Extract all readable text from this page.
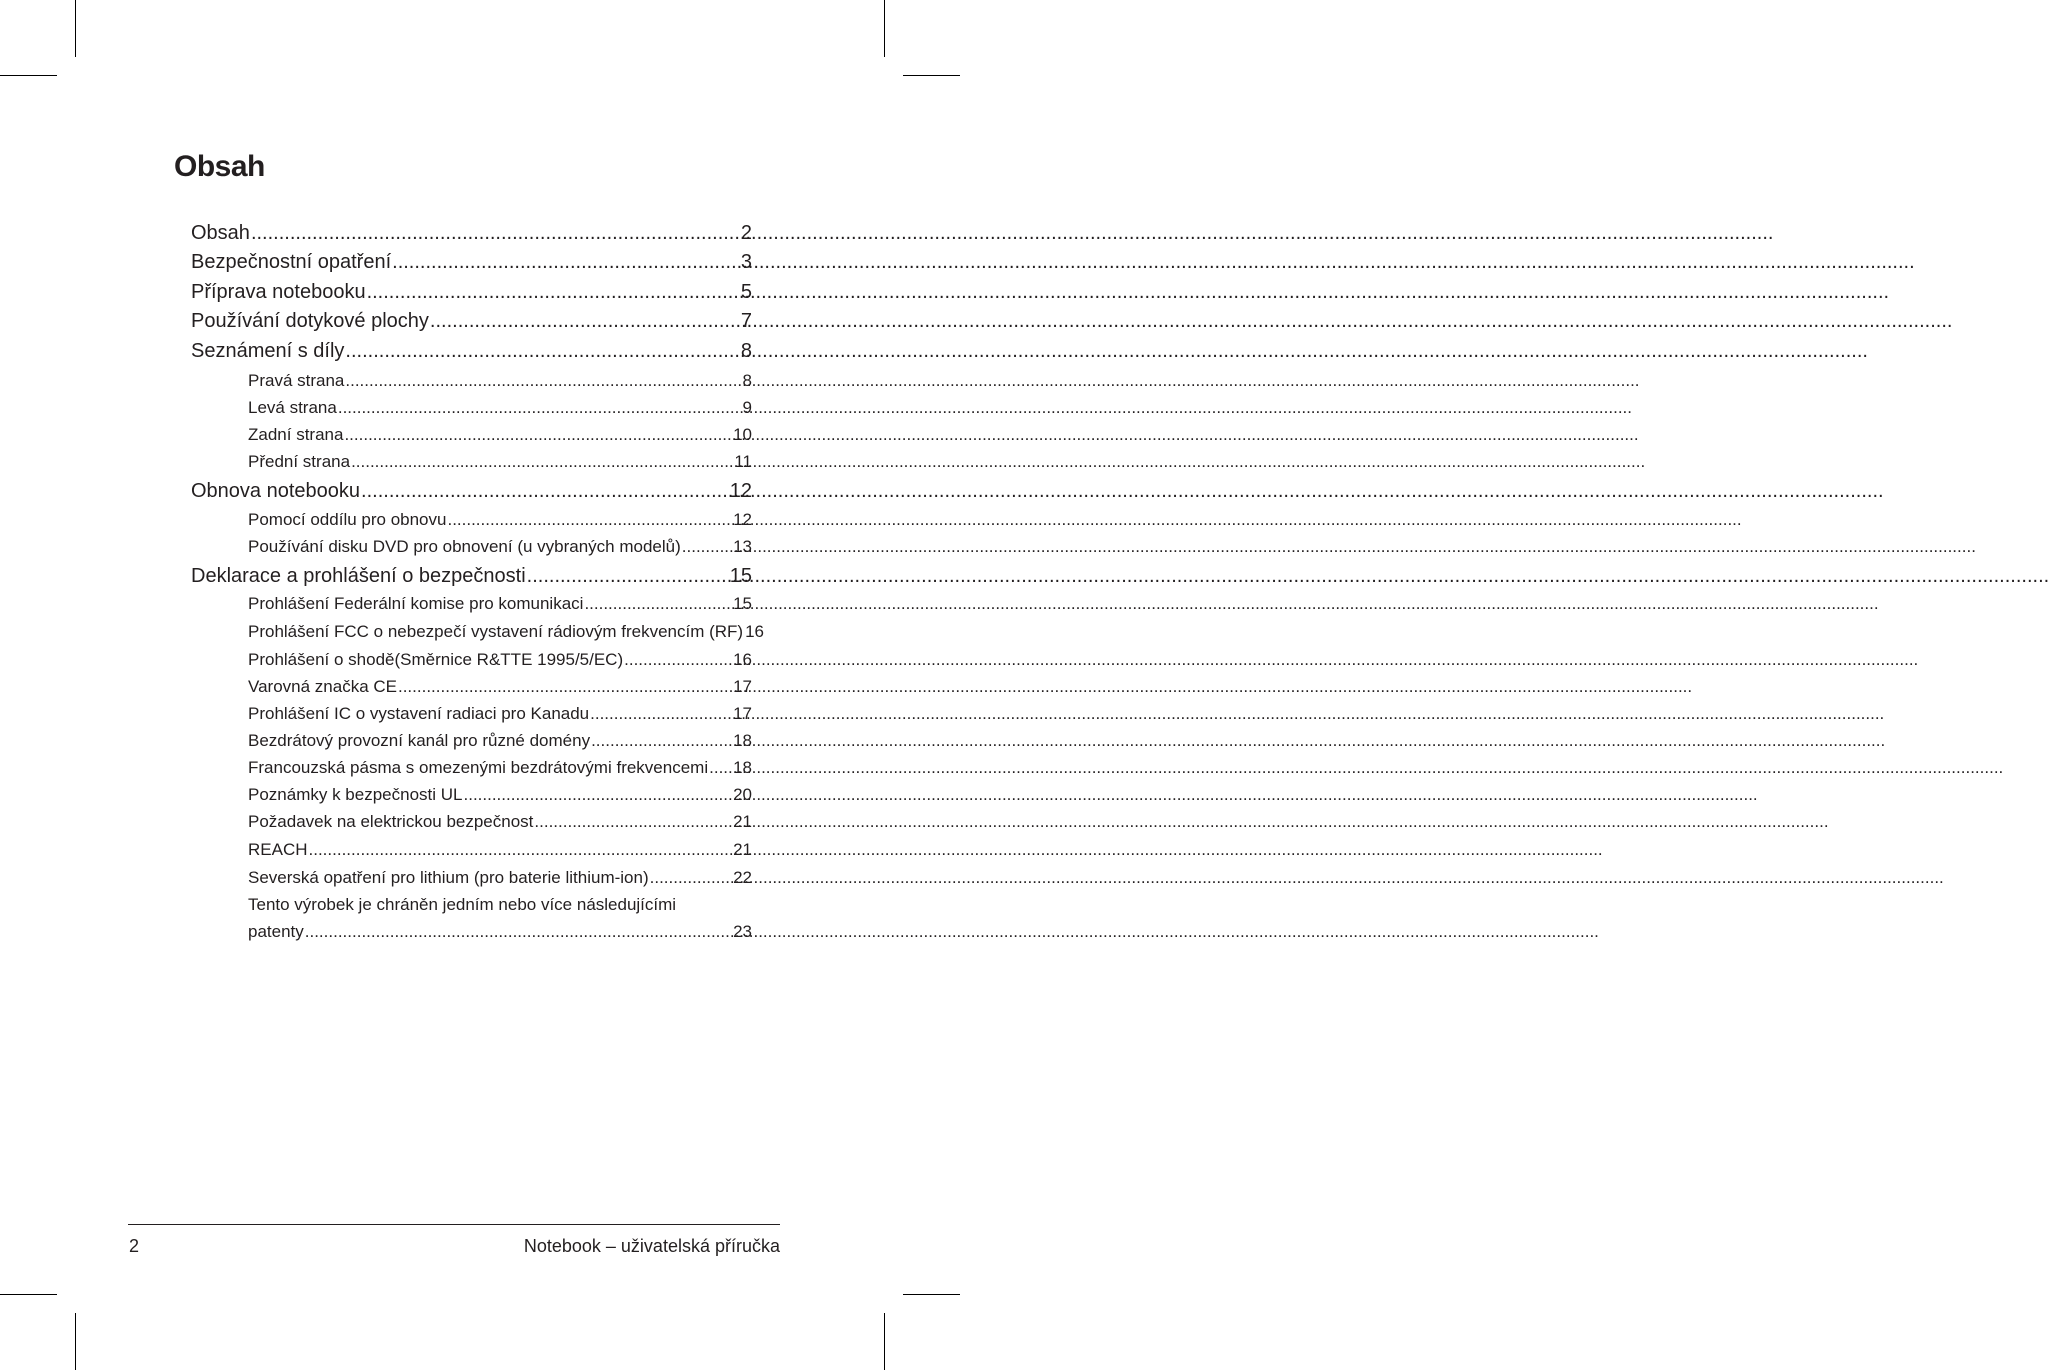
Obsah
Obsah .....	2
Bezpečnostní opatření .....	3
Příprava notebooku .....	5
Používání dotykové plochy .....	7
Seznámení s díly .....	8
Pravá strana .....	8
Levá strana .....	9
Zadní strana .....	10
Přední strana .....	11
Obnova notebooku .....	12
Pomocí oddílu pro obnovu .....	12
Používání disku DVD pro obnovení (u vybraných modelů) .....	13
Deklarace a prohlášení o bezpečnosti .....	15
Prohlášení Federální komise pro komunikaci .....	15
Prohlášení FCC o nebezpečí vystavení rádiovým frekvencím (RF) 16
Prohlášení o shodě(Směrnice R&TTE 1995/5/EC) .....	16
Varovná značka CE .....	17
Prohlášení IC o vystavení radiaci pro Kanadu .....	17
Bezdrátový provozní kanál pro různé domény .....	18
Francouzská pásma s omezenými bezdrátovými frekvencemi ..... 18
Poznámky k bezpečnosti UL .....	20
Požadavek na elektrickou bezpečnost .....	21
REACH .....	21
Severská opatření pro lithium (pro baterie lithium-ion) .....	22
Tento výrobek je chráněn jedním nebo více následujícími
patenty .....	23
2	Notebook – uživatelská příručka
